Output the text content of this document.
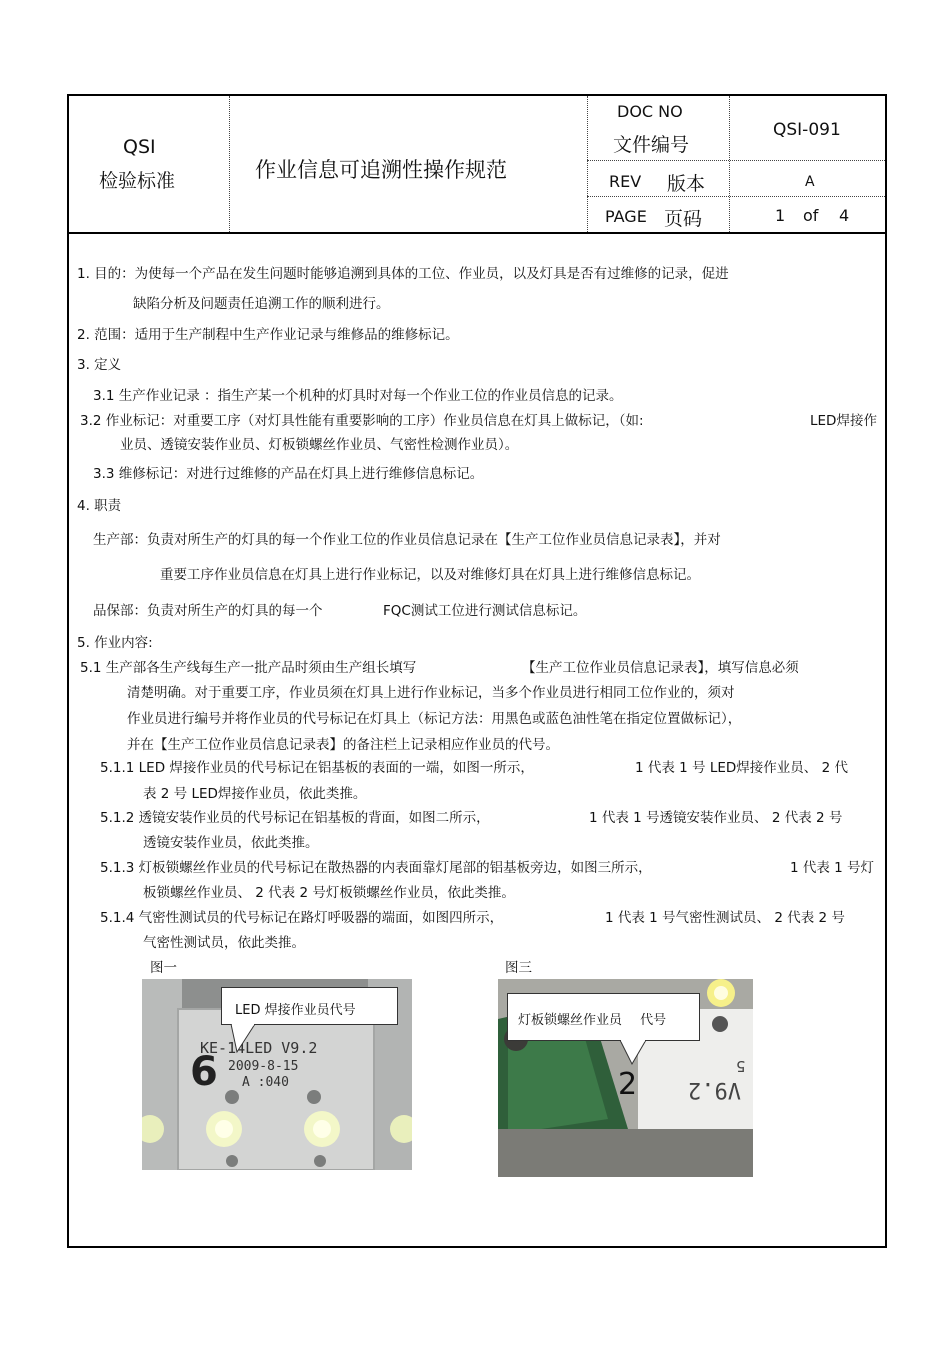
QSI
检验标准	作业信息可追溯性操作规范
DOC NO
文件编号
QSI-091
REV 版本	A
PAGE 页码	1 of 4
1. 目的：为使每一个产品在发生问题时能够追溯到具体的工位、作业员，以及灯具是否有过维修的记录，促进
缺陷分析及问题责任追溯工作的顺利进行。
2. 范围：适用于生产制程中生产作业记录与维修品的维修标记。
3. 定义
3.1 生产作业记录 ：指生产某一个机种的灯具时对每一个作业工位的作业员信息的记录。
3.2 作业标记：对重要工序（对灯具性能有重要影响的工序）作业员信息在灯具上做标记，（如:	LED焊接作
业员、透镜安装作业员、灯板锁螺丝作业员、气密性检测作业员）。
3.3 维修标记：对进行过维修的产品在灯具上进行维修信息标记。
4. 职责
生产部：负责对所生产的灯具的每一个作业工位的作业员信息记录在【生产工位作业员信息记录表】，并对
重要工序作业员信息在灯具上进行作业标记，以及对维修灯具在灯具上进行维修信息标记。
品保部：负责对所生产的灯具的每一个	FQC测试工位进行测试信息标记。
5. 作业内容:
5.1 生产部各生产线每生产一批产品时须由生产组长填写	【生产工位作业员信息记录表】，填写信息必须
清楚明确。对于重要工序，作业员须在灯具上进行作业标记，当多个作业员进行相同工位作业的，须对
作业员进行编号并将作业员的代号标记在灯具上（标记方法：用黑色或蓝色油性笔在指定位置做标记），
并在【生产工位作业员信息记录表】的备注栏上记录相应作业员的代号。
5.1.1 LED 焊接作业员的代号标记在铝基板的表面的一端，如图一所示，	1 代表 1 号 LED焊接作业员、 2 代
表 2 号 LED焊接作业员，依此类推。
5.1.2 透镜安装作业员的代号标记在铝基板的背面，如图二所示，	1 代表 1 号透镜安装作业员、 2 代表 2 号
透镜安装作业员，依此类推。
5.1.3 灯板锁螺丝作业员的代号标记在散热器的内表面靠灯尾部的铝基板旁边，如图三所示，	1 代表 1 号灯
板锁螺丝作业员、 2 代表 2 号灯板锁螺丝作业员，依此类推。
5.1.4 气密性测试员的代号标记在路灯呼吸器的端面，如图四所示，	1 代表 1 号气密性测试员、 2 代表 2 号
气密性测试员，依此类推。
图一	图三
KE-14LED V9.2
2009-8-15
A :040
6
LED 焊接作业员代号
V9.2
5
2
灯板锁螺丝作业员 代号
